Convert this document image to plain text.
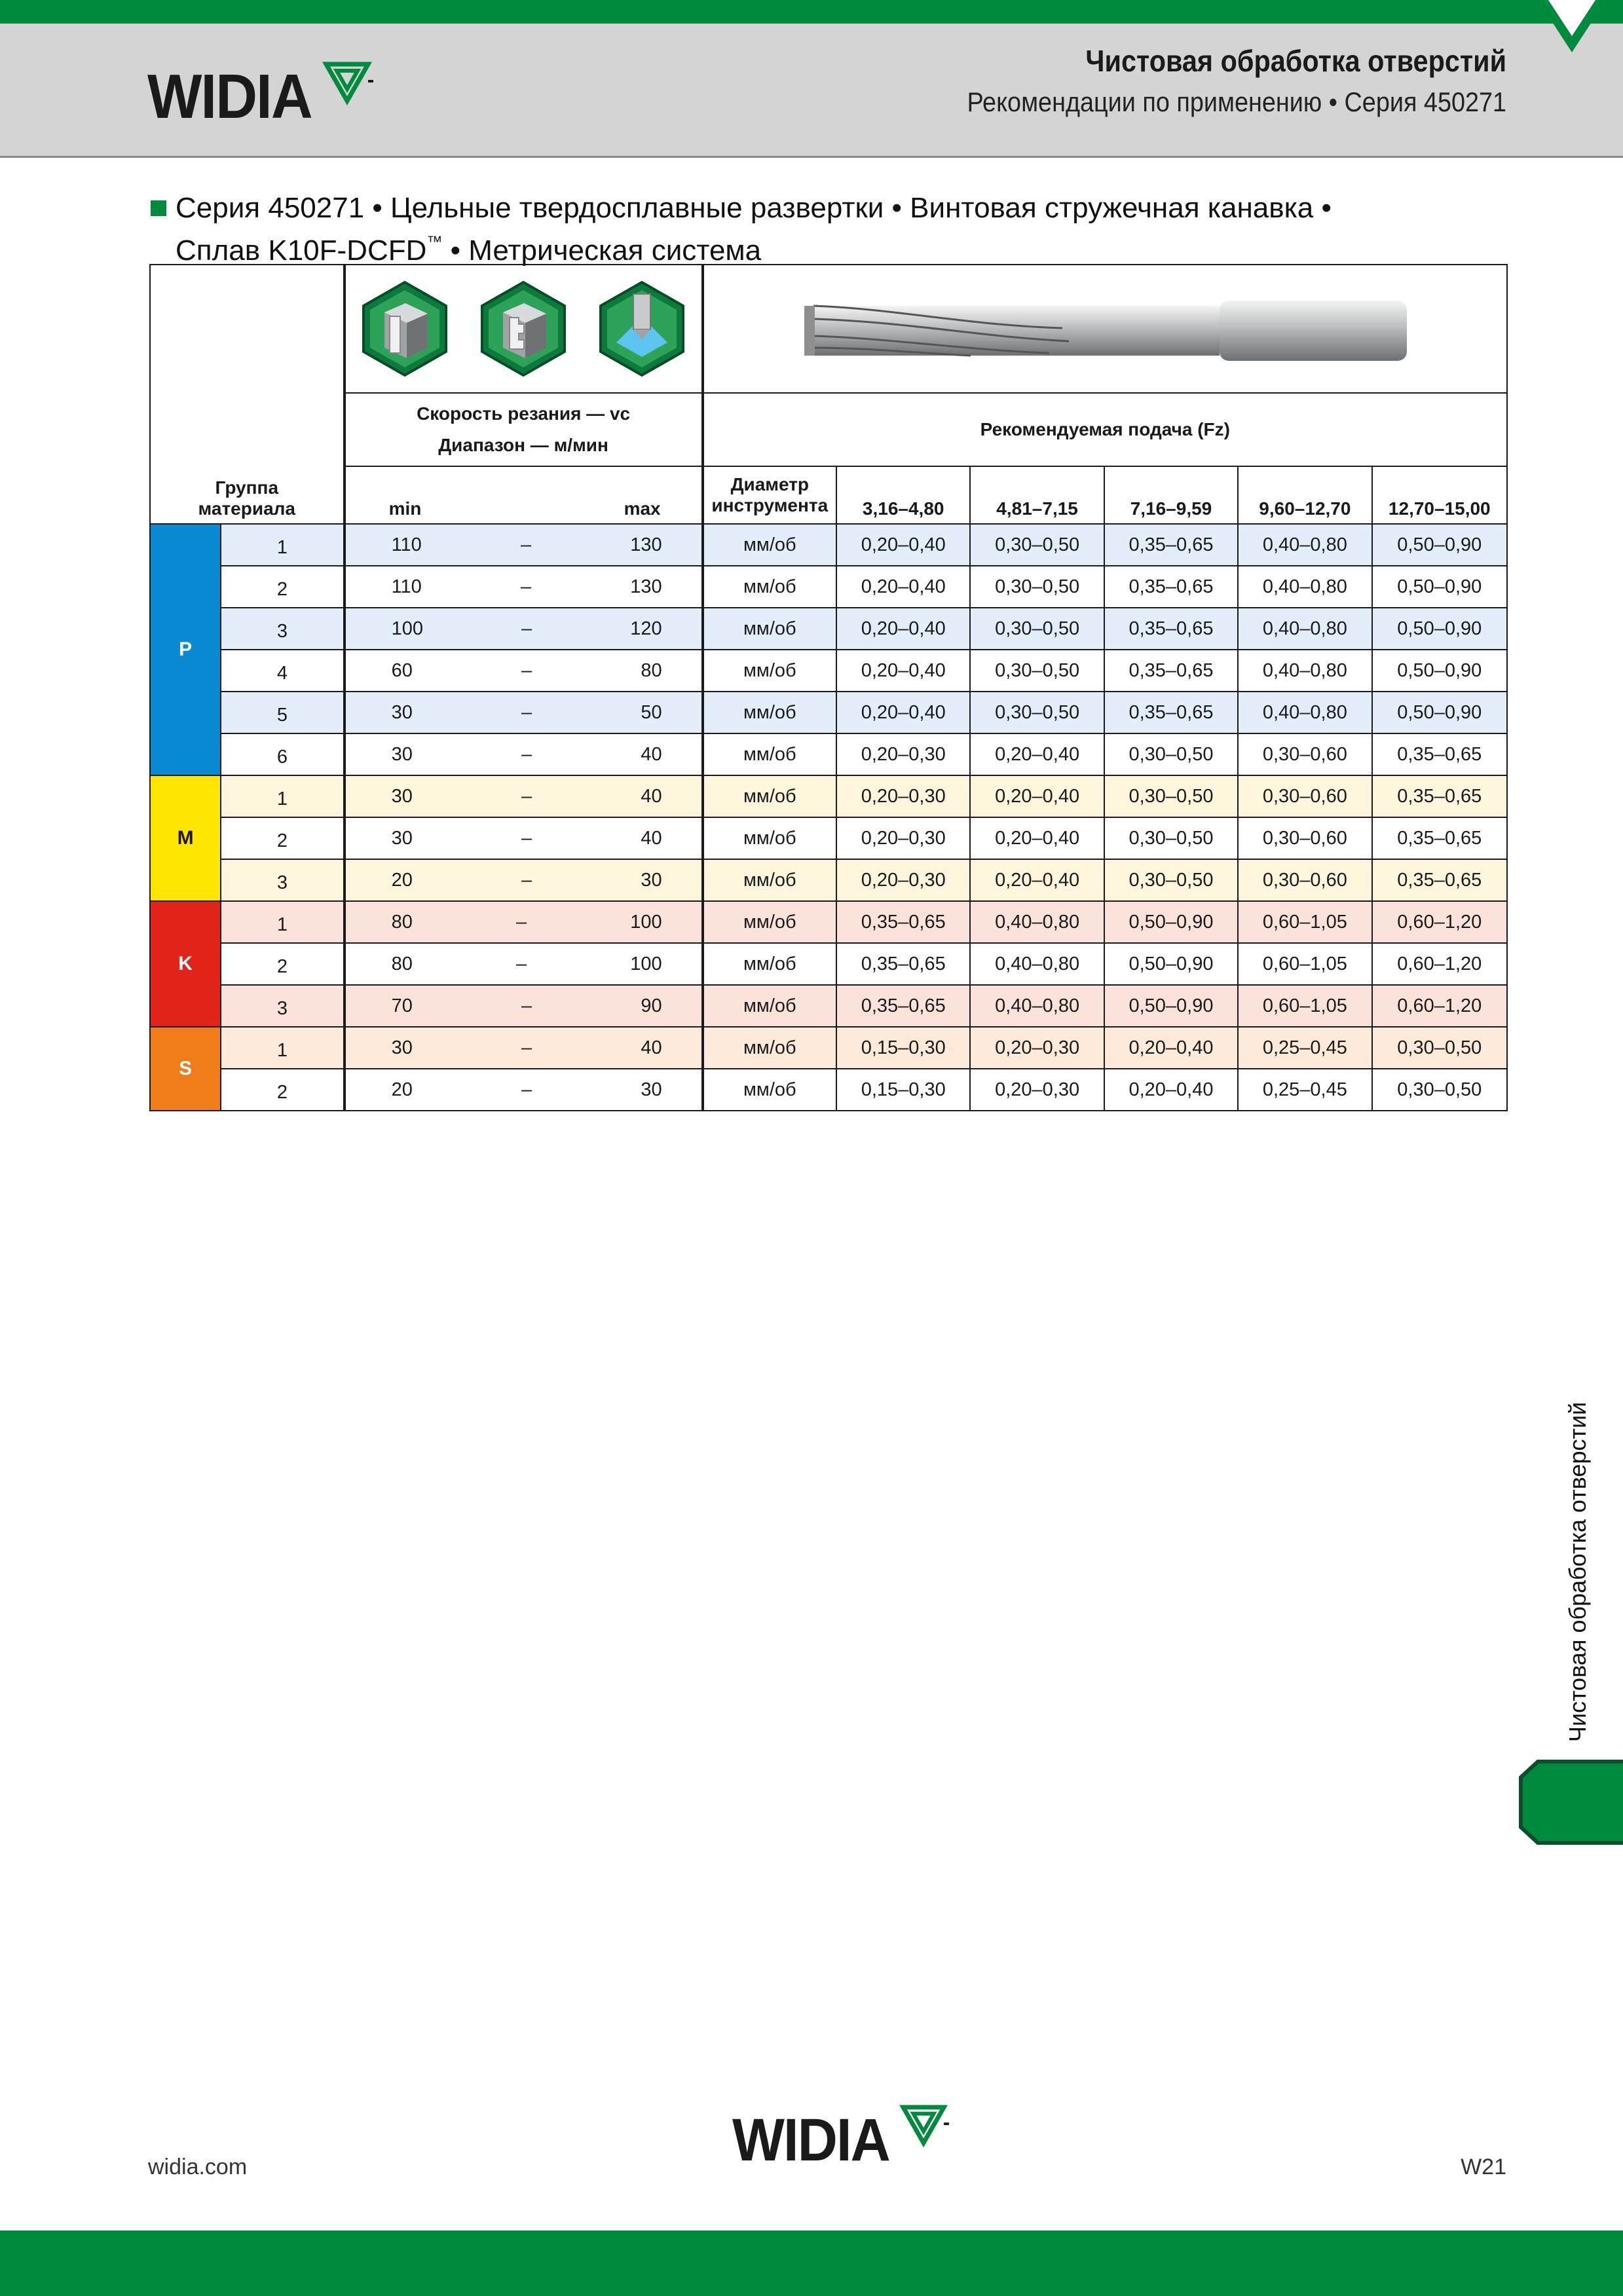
WIDIA
Чистовая обработка отверстий
Рекомендации по применению • Серия 450271
Серия 450271 • Цельные твердосплавные развертки • Винтовая стружечная канавка •
Сплав K10F-DCFD™ • Метрическая система
Группа материала

		Скорость резания — vc
Диапазон — м/мин	Рекомендуемая подача (Fz)					

		min max	Диаметр инструмента	3,16–4,80	4,81–7,15	7,16–9,59	9,60–12,70	12,70–15,00
P	1	110 – 130	мм/об	0,20–0,40	0,30–0,50	0,35–0,65	0,40–0,80	0,50–0,90
	2	110 – 130	мм/об	0,20–0,40	0,30–0,50	0,35–0,65	0,40–0,80	0,50–0,90
	3	100 – 120	мм/об	0,20–0,40	0,30–0,50	0,35–0,65	0,40–0,80	0,50–0,90
	4	60 – 80	мм/об	0,20–0,40	0,30–0,50	0,35–0,65	0,40–0,80	0,50–0,90
	5	30 – 50	мм/об	0,20–0,40	0,30–0,50	0,35–0,65	0,40–0,80	0,50–0,90
	6	30 – 40	мм/об	0,20–0,30	0,20–0,40	0,30–0,50	0,30–0,60	0,35–0,65
M	1	30 – 40	мм/об	0,20–0,30	0,20–0,40	0,30–0,50	0,30–0,60	0,35–0,65
	2	30 – 40	мм/об	0,20–0,30	0,20–0,40	0,30–0,50	0,30–0,60	0,35–0,65
	3	20 – 30	мм/об	0,20–0,30	0,20–0,40	0,30–0,50	0,30–0,60	0,35–0,65
K	1	80 – 100	мм/об	0,35–0,65	0,40–0,80	0,50–0,90	0,60–1,05	0,60–1,20
	2	80 – 100	мм/об	0,35–0,65	0,40–0,80	0,50–0,90	0,60–1,05	0,60–1,20
	3	70 – 90	мм/об	0,35–0,65	0,40–0,80	0,50–0,90	0,60–1,05	0,60–1,20
S	1	30 – 40	мм/об	0,15–0,30	0,20–0,30	0,20–0,40	0,25–0,45	0,30–0,50
	2	20 – 30	мм/об	0,15–0,30	0,20–0,30	0,20–0,40	0,25–0,45	0,30–0,50
Чистовая обработка отверстий
widia.com	WIDIA	W21
